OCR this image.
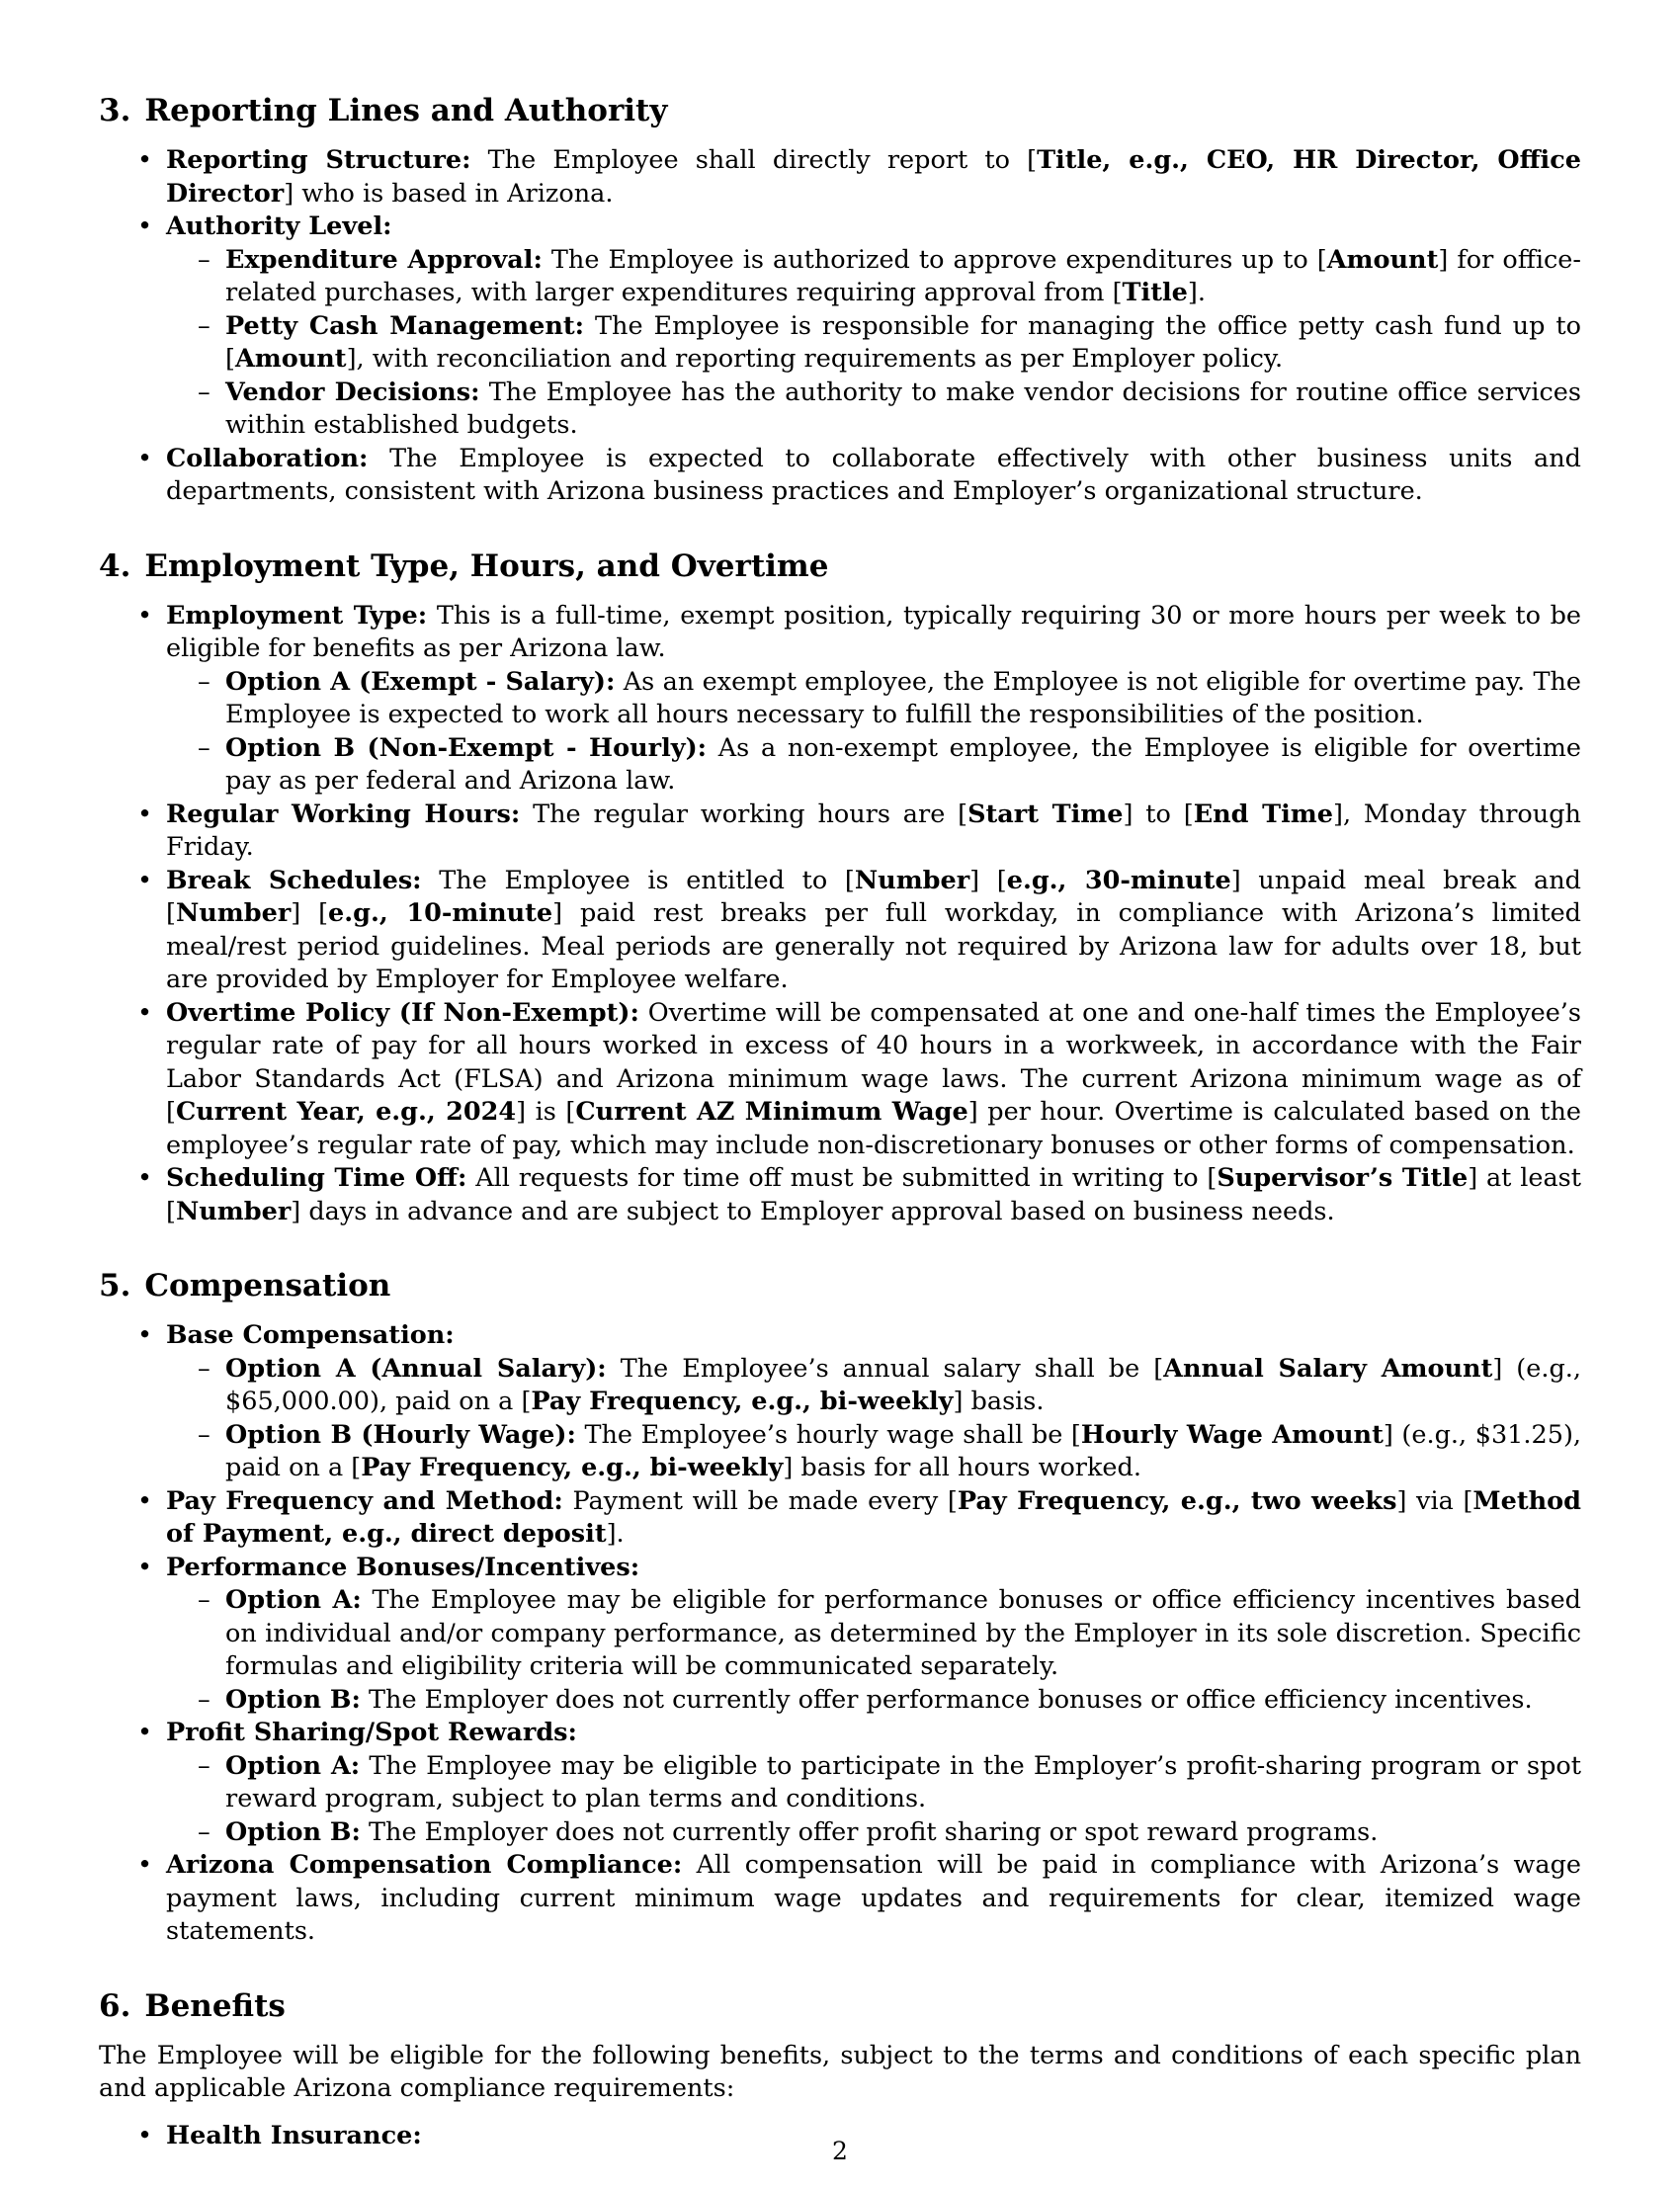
3. Reporting Lines and Authority
• Reporting Structure: The Employee shall directly report to [Title, e.g., CEO, HR Director, Office Director] who is based in Arizona.
• Authority Level:
– Expenditure Approval: The Employee is authorized to approve expenditures up to [Amount] for office-related purchases, with larger expenditures requiring approval from [Title].
– Petty Cash Management: The Employee is responsible for managing the office petty cash fund up to [Amount], with reconciliation and reporting requirements as per Employer policy.
– Vendor Decisions: The Employee has the authority to make vendor decisions for routine office services within established budgets.
• Collaboration: The Employee is expected to collaborate effectively with other business units and departments, consistent with Arizona business practices and Employer’s organizational structure.
4. Employment Type, Hours, and Overtime
• Employment Type: This is a full-time, exempt position, typically requiring 30 or more hours per week to be eligible for benefits as per Arizona law.
– Option A (Exempt - Salary): As an exempt employee, the Employee is not eligible for overtime pay. The Employee is expected to work all hours necessary to fulfill the responsibilities of the position.
– Option B (Non-Exempt - Hourly): As a non-exempt employee, the Employee is eligible for overtime pay as per federal and Arizona law.
• Regular Working Hours: The regular working hours are [Start Time] to [End Time], Monday through Friday.
• Break Schedules: The Employee is entitled to [Number] [e.g., 30-minute] unpaid meal break and [Number] [e.g., 10-minute] paid rest breaks per full workday, in compliance with Arizona’s limited meal/rest period guidelines. Meal periods are generally not required by Arizona law for adults over 18, but are provided by Employer for Employee welfare.
• Overtime Policy (If Non-Exempt): Overtime will be compensated at one and one-half times the Employee’s regular rate of pay for all hours worked in excess of 40 hours in a workweek, in accordance with the Fair Labor Standards Act (FLSA) and Arizona minimum wage laws. The current Arizona minimum wage as of [Current Year, e.g., 2024] is [Current AZ Minimum Wage] per hour. Overtime is calculated based on the employee’s regular rate of pay, which may include non-discretionary bonuses or other forms of compensation.
• Scheduling Time Off: All requests for time off must be submitted in writing to [Supervisor’s Title] at least [Number] days in advance and are subject to Employer approval based on business needs.
5. Compensation
• Base Compensation:
– Option A (Annual Salary): The Employee’s annual salary shall be [Annual Salary Amount] (e.g., $65,000.00), paid on a [Pay Frequency, e.g., bi-weekly] basis.
– Option B (Hourly Wage): The Employee’s hourly wage shall be [Hourly Wage Amount] (e.g., $31.25), paid on a [Pay Frequency, e.g., bi-weekly] basis for all hours worked.
• Pay Frequency and Method: Payment will be made every [Pay Frequency, e.g., two weeks] via [Method of Payment, e.g., direct deposit].
• Performance Bonuses/Incentives:
– Option A: The Employee may be eligible for performance bonuses or office efficiency incentives based on individual and/or company performance, as determined by the Employer in its sole discretion. Specific formulas and eligibility criteria will be communicated separately.
– Option B: The Employer does not currently offer performance bonuses or office efficiency incentives.
• Profit Sharing/Spot Rewards:
– Option A: The Employee may be eligible to participate in the Employer’s profit-sharing program or spot reward program, subject to plan terms and conditions.
– Option B: The Employer does not currently offer profit sharing or spot reward programs.
• Arizona Compensation Compliance: All compensation will be paid in compliance with Arizona’s wage payment laws, including current minimum wage updates and requirements for clear, itemized wage statements.
6. Benefits

The Employee will be eligible for the following benefits, subject to the terms and conditions of each specific plan and applicable Arizona compliance requirements:

• Health Insurance:
2
